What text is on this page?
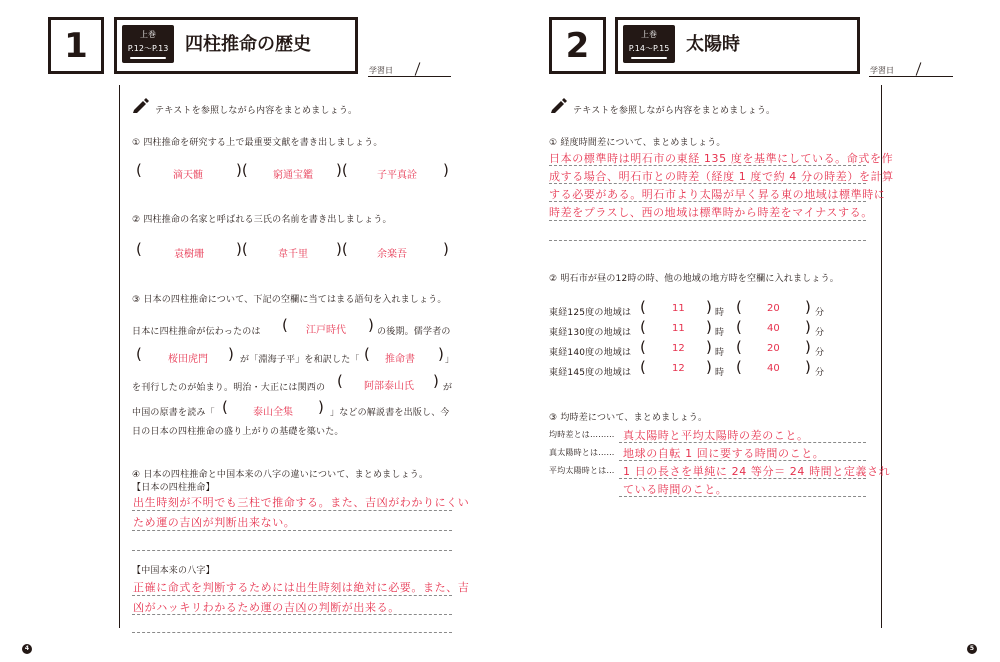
1	上巻
P.12～P.13 四柱推命の歴史
学習日
テキストを参照しながら内容をまとめましょう。
① 四柱推命を研究する上で最重要文献を書き出しましょう。
(	滴天髄 )(	窮通宝鑑 )(	子平真詮 )
② 四柱推命の名家と呼ばれる三氏の名前を書き出しましょう。
(	袁樹珊 )(	韋千里 )(	余楽吾 )
③ 日本の四柱推命について、下記の空欄に当てはまる語句を入れましょう。
日本に四柱推命が伝わったのは ( 江戸時代 ) の後期。儒学者の
(	桜田虎門 ) が「淵海子平」を和訳した「 ( 推命書 ) 」
を刊行したのが始まり。明治・大正には関西の ( 阿部泰山氏 ) が
中国の原書を読み「 (	泰山全集 ) 」などの解説書を出版し、今
日の日本の四柱推命の盛り上がりの基礎を築いた。
④ 日本の四柱推命と中国本来の八字の違いについて、まとめましょう。
【日本の四柱推命】
出生時刻が不明でも三柱で推命する。また、吉凶がわかりにくい
ため運の吉凶が判断出来ない。
【中国本来の八字】
正確に命式を判断するためには出生時刻は絶対に必要。また、吉
凶がハッキリわかるため運の吉凶の判断が出来る。
4
2	上巻
P.14～P.15 太陽時
学習日
テキストを参照しながら内容をまとめましょう。
① 経度時間差について、まとめましょう。
日本の標準時は明石市の東経 135 度を基準にしている。命式を作
成する場合、明石市との時差（経度 1 度で約 4 分の時差）を計算
する必要がある。明石市より太陽が早く昇る東の地域は標準時に
時差をプラスし、西の地域は標準時から時差をマイナスする。
② 明石市が昼の12時の時、他の地域の地方時を空欄に入れましょう。
東経125度の地域は (	11 ) 時 (	20 ) 分
東経130度の地域は (	11 ) 時 (	40 ) 分
東経140度の地域は (	12 ) 時 (	20 ) 分
東経145度の地域は (	12 ) 時 (	40 ) 分
③ 均時差について、まとめましょう。
均時差とは……… 真太陽時と平均太陽時の差のこと。
真太陽時とは…… 地球の自転 1 回に要する時間のこと。
平均太陽時とは… 1 日の長さを単純に 24 等分＝ 24 時間と定義され
ている時間のこと。
5
